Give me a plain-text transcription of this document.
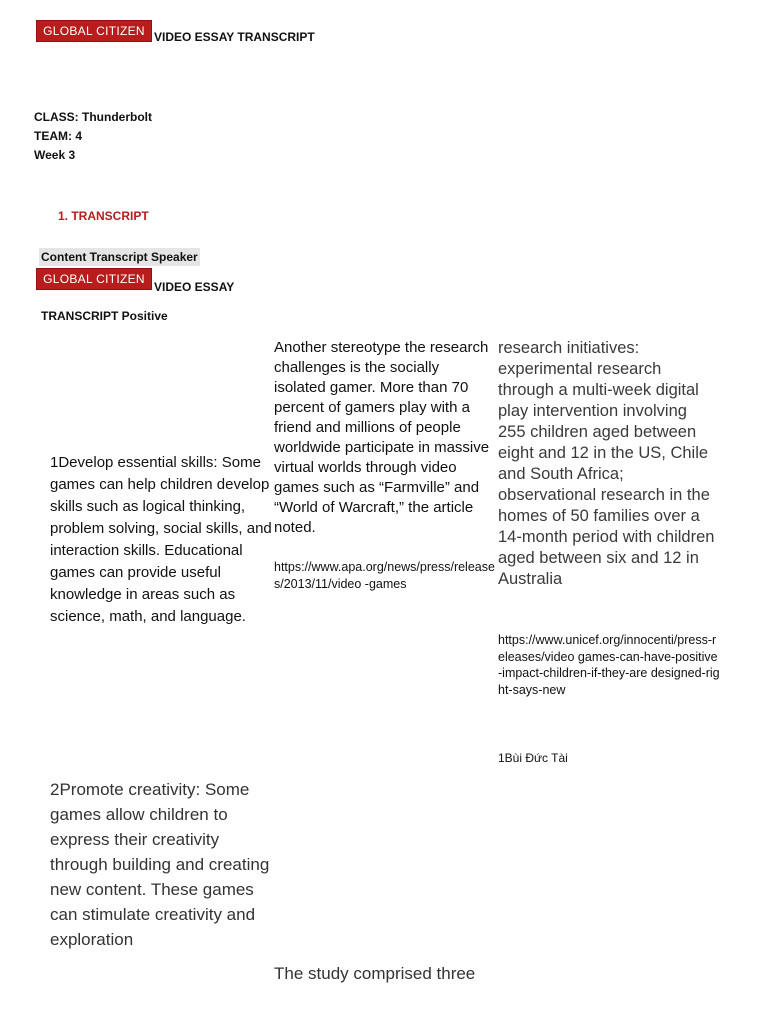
GLOBAL CITIZEN VIDEO ESSAY TRANSCRIPT
CLASS: Thunderbolt
TEAM: 4
Week 3
1. TRANSCRIPT
Content Transcript Speaker
GLOBAL CITIZEN
VIDEO ESSAY
TRANSCRIPT Positive
1Develop essential skills: Some games can help children develop skills such as logical thinking, problem solving, social skills, and interaction skills. Educational games can provide useful knowledge in areas such as science, math, and language.
2Promote creativity: Some games allow children to express their creativity through building and creating new content. These games can stimulate creativity and exploration
Another stereotype the research challenges is the socially isolated gamer. More than 70 percent of gamers play with a friend and millions of people worldwide participate in massive virtual worlds through video games such as “Farmville” and “World of Warcraft,” the article noted.
https://www.apa.org/news/press/releases/2013/11/video -games
The study comprised three
research initiatives: experimental research through a multi-week digital play intervention involving 255 children aged between eight and 12 in the US, Chile and South Africa; observational research in the homes of 50 families over a 14-month period with children aged between six and 12 in Australia
https://www.unicef.org/innocenti/press-releases/video games-can-have-positive-impact-children-if-they-are designed-right-says-new
1Bùi Đức Tài
